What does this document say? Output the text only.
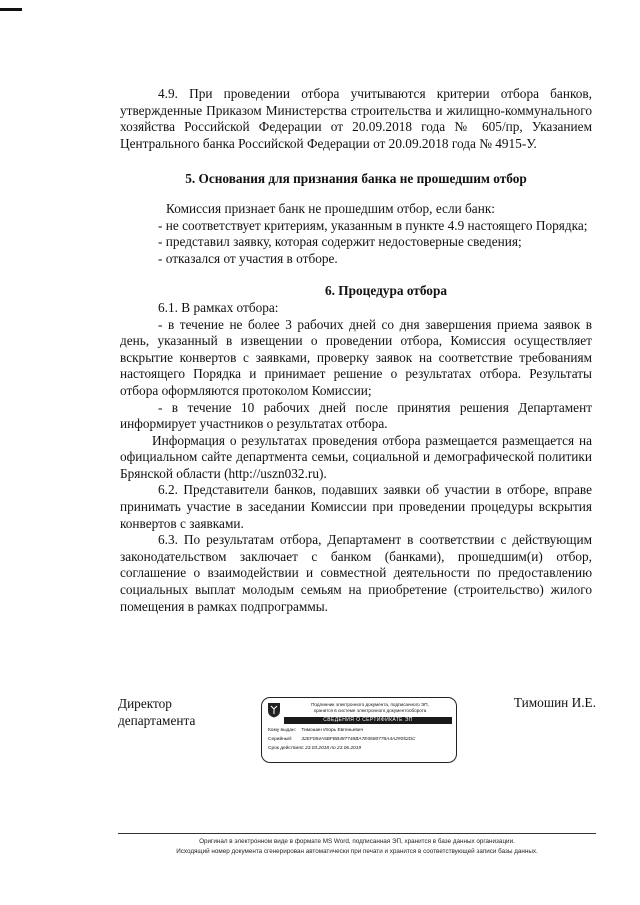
4.9. При проведении отбора учитываются критерии отбора банков, утвержденные Приказом Министерства строительства и жилищно-коммунального хозяйства Российской Федерации от 20.09.2018 года № 605/пр, Указанием Центрального банка Российской Федерации от 20.09.2018 года № 4915-У.

5. Основания для признания банка не прошедшим отбор

Комиссия признает банк не прошедшим отбор, если банк:

- не соответствует критериям, указанным в пункте 4.9 настоящего Порядка;

- представил заявку, которая содержит недостоверные сведения;

- отказался от участия в отборе.

6. Процедура отбора

6.1. В рамках отбора:

- в течение не более 3 рабочих дней со дня завершения приема заявок в день, указанный в извещении о проведении отбора, Комиссия осуществляет вскрытие конвертов с заявками, проверку заявок на соответствие требованиям настоящего Порядка и принимает решение о результатах отбора. Результаты отбора оформляются протоколом Комиссии;

- в течение 10 рабочих дней после принятия решения Департамент информирует участников о результатах отбора.

Информация о результатах проведения отбора размещается размещается на официальном сайте департмента семьи, социальной и демографической политики Брянской области (http://uszn032.ru).

6.2. Представители банков, подавших заявки об участии в отборе, вправе принимать участие в заседании Комиссии при проведении процедуры вскрытия конвертов с заявками.

6.3. По результатам отбора, Департамент в соответствии с действующим законодательством заключает с банком (банками), прошедшим(и) отбор, соглашение о взаимодействии и совместной деятельности по предоставлению социальных выплат молодым семьям на приобретение (строительство) жилого помещения в рамках подпрограммы.

Директор
департамента
Подлинник электронного документа, подписанного ЭП,
хранится в системе электронного документооборота
СВЕДЕНИЯ О СЕРТИФИКАТЕ ЭП
Кому выдан: Тимошин Игорь Евгеньевич
Серийный: 32EF084A5BFBB487748BA7E0680778A4A2#052DC
Срок действия: с 23.03.2018 по 23.06.2019
Тимошин И.Е.
Оригинал в электронном виде в формате MS Word, подписанная ЭП, хранится в базе данных организации.
Исходящий номер документа сгенерирован автоматически при печати и хранится в соответствующей записи базы данных.
